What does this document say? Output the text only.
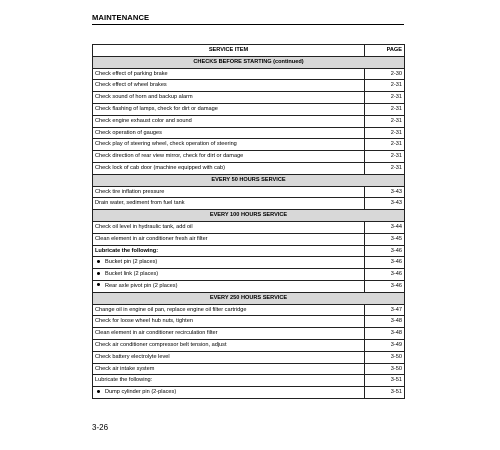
MAINTENANCE
SERVICE ITEM	PAGE
CHECKS BEFORE STARTING (continued)	
Check effect of parking brake	2-30
Check effect of wheel brakes	2-31
Check sound of horn and backup alarm	2-31
Check flashing of lamps, check for dirt or damage	2-31
Check engine exhaust color and sound	2-31
Check operation of gauges	2-31
Check play of steering wheel, check operation of steering	2-31
Check direction of rear view mirror, check for dirt or damage	2-31
Check lock of cab door (machine equipped with cab)	2-31
EVERY 50 HOURS SERVICE	
Check tire inflation pressure	3-43
Drain water, sediment from fuel tank	3-43
EVERY 100 HOURS SERVICE	
Check oil level in hydraulic tank, add oil	3-44
Clean element in air conditioner fresh air filter	3-45
Lubricate the following:	3-46
Bucket pin (2 places)	3-46
Bucket link (2 places)	3-46
Rear axle pivot pin (2 places)	3-46
EVERY 250 HOURS SERVICE	
Change oil in engine oil pan, replace engine oil filter cartridge	3-47
Check for loose wheel hub nuts, tighten	3-48
Clean element in air conditioner recirculation filter	3-48
Check air conditioner compressor belt tension, adjust	3-49
Check battery electrolyte level	3-50
Check air intake system	3-50
Lubricate the following:	3-51
Dump cylinder pin (2-places)	3-51
3-26
